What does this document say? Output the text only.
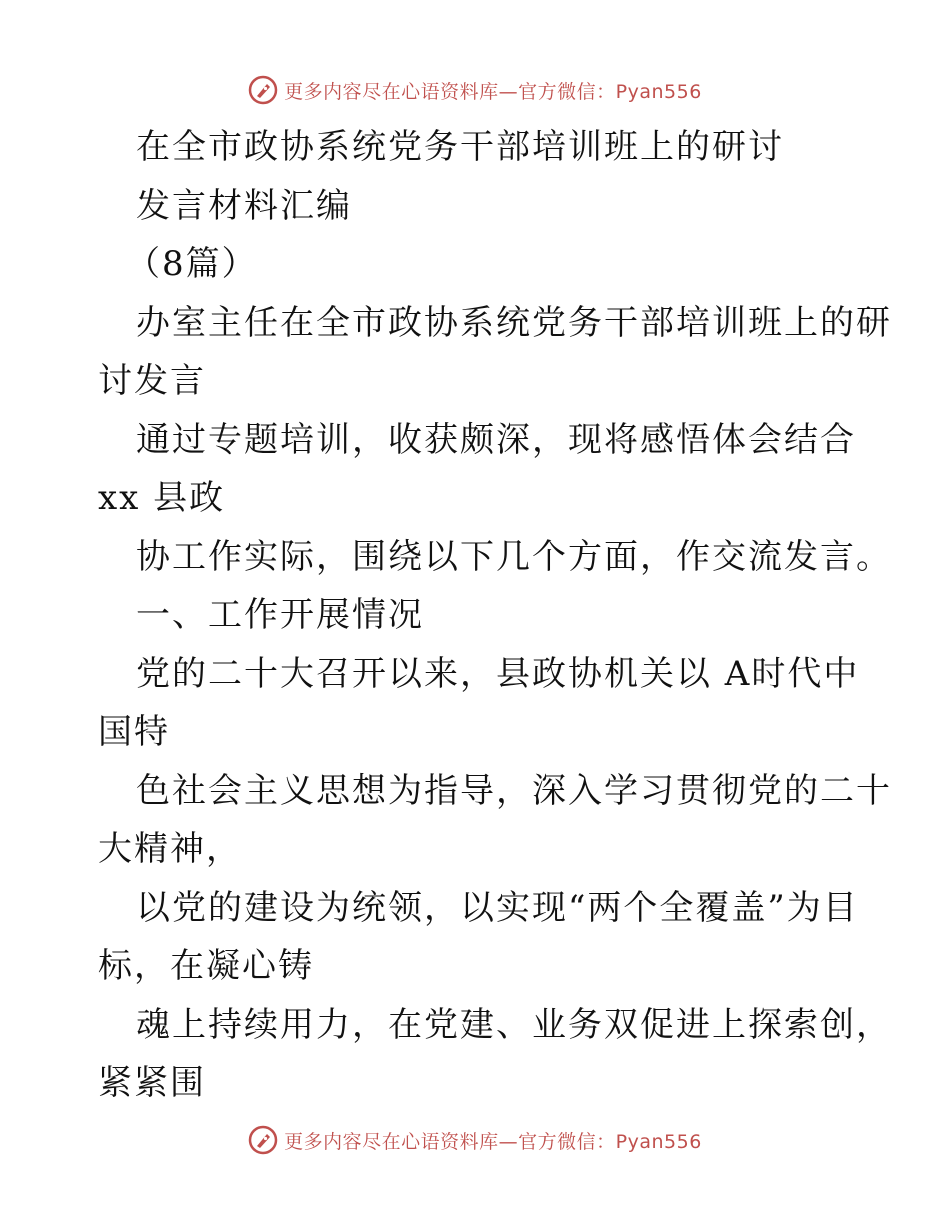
更多内容尽在心语资料库—官方微信：Pyan556
在全市政协系统党务干部培训班上的研讨
发言材料汇编
（8篇）
办室主任在全市政协系统党务干部培训班上的研
讨发言
通过专题培训，收获颇深，现将感悟体会结合
xx 县政
协工作实际，围绕以下几个方面，作交流发言。
一、工作开展情况
党的二十大召开以来，县政协机关以 A时代中
国特
色社会主义思想为指导，深入学习贯彻党的二十
大精神，
以党的建设为统领，以实现“两个全覆盖”为目
标，在凝心铸
魂上持续用力，在党建、业务双促进上探索创，
紧紧围
更多内容尽在心语资料库—官方微信：Pyan556
